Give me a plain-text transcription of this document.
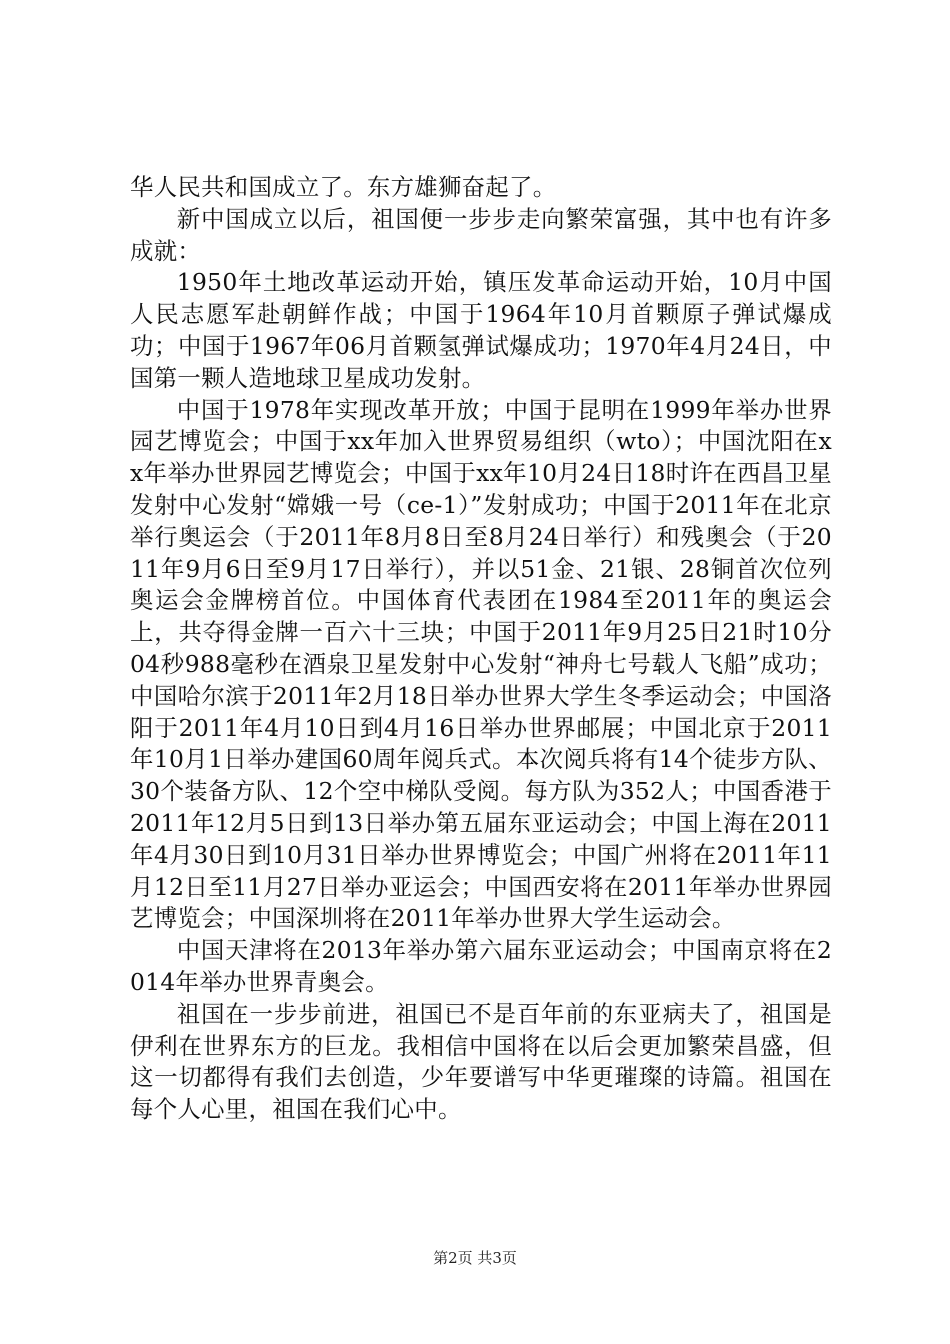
华人民共和国成立了。东方雄狮奋起了。

新中国成立以后，祖国便一步步走向繁荣富强，其中也有许多成就：

1950年土地改革运动开始，镇压发革命运动开始，10月中国人民志愿军赴朝鲜作战；中国于1964年10月首颗原子弹试爆成功；中国于1967年06月首颗氢弹试爆成功；1970年4月24日，中国第一颗人造地球卫星成功发射。

中国于1978年实现改革开放；中国于昆明在1999年举办世界园艺博览会；中国于xx年加入世界贸易组织（wto）；中国沈阳在xx年举办世界园艺博览会；中国于xx年10月24日18时许在西昌卫星发射中心发射“嫦娥一号（ce-1）”发射成功；中国于2011年在北京举行奥运会（于2011年8月8日至8月24日举行）和残奥会（于2011年9月6日至9月17日举行），并以51金、21银、28铜首次位列奥运会金牌榜首位。中国体育代表团在1984至2011年的奥运会上，共夺得金牌一百六十三块；中国于2011年9月25日21时10分04秒988毫秒在酒泉卫星发射中心发射“神舟七号载人飞船”成功；中国哈尔滨于2011年2月18日举办世界大学生冬季运动会；中国洛阳于2011年4月10日到4月16日举办世界邮展；中国北京于2011年10月1日举办建国60周年阅兵式。本次阅兵将有14个徒步方队、30个装备方队、12个空中梯队受阅。每方队为352人；中国香港于2011年12月5日到13日举办第五届东亚运动会；中国上海在2011年4月30日到10月31日举办世界博览会；中国广州将在2011年11月12日至11月27日举办亚运会；中国西安将在2011年举办世界园艺博览会；中国深圳将在2011年举办世界大学生运动会。

中国天津将在2013年举办第六届东亚运动会；中国南京将在2014年举办世界青奥会。

祖国在一步步前进，祖国已不是百年前的东亚病夫了，祖国是伊利在世界东方的巨龙。我相信中国将在以后会更加繁荣昌盛，但这一切都得有我们去创造，少年要谱写中华更璀璨的诗篇。祖国在每个人心里，祖国在我们心中。

第2页 共3页
